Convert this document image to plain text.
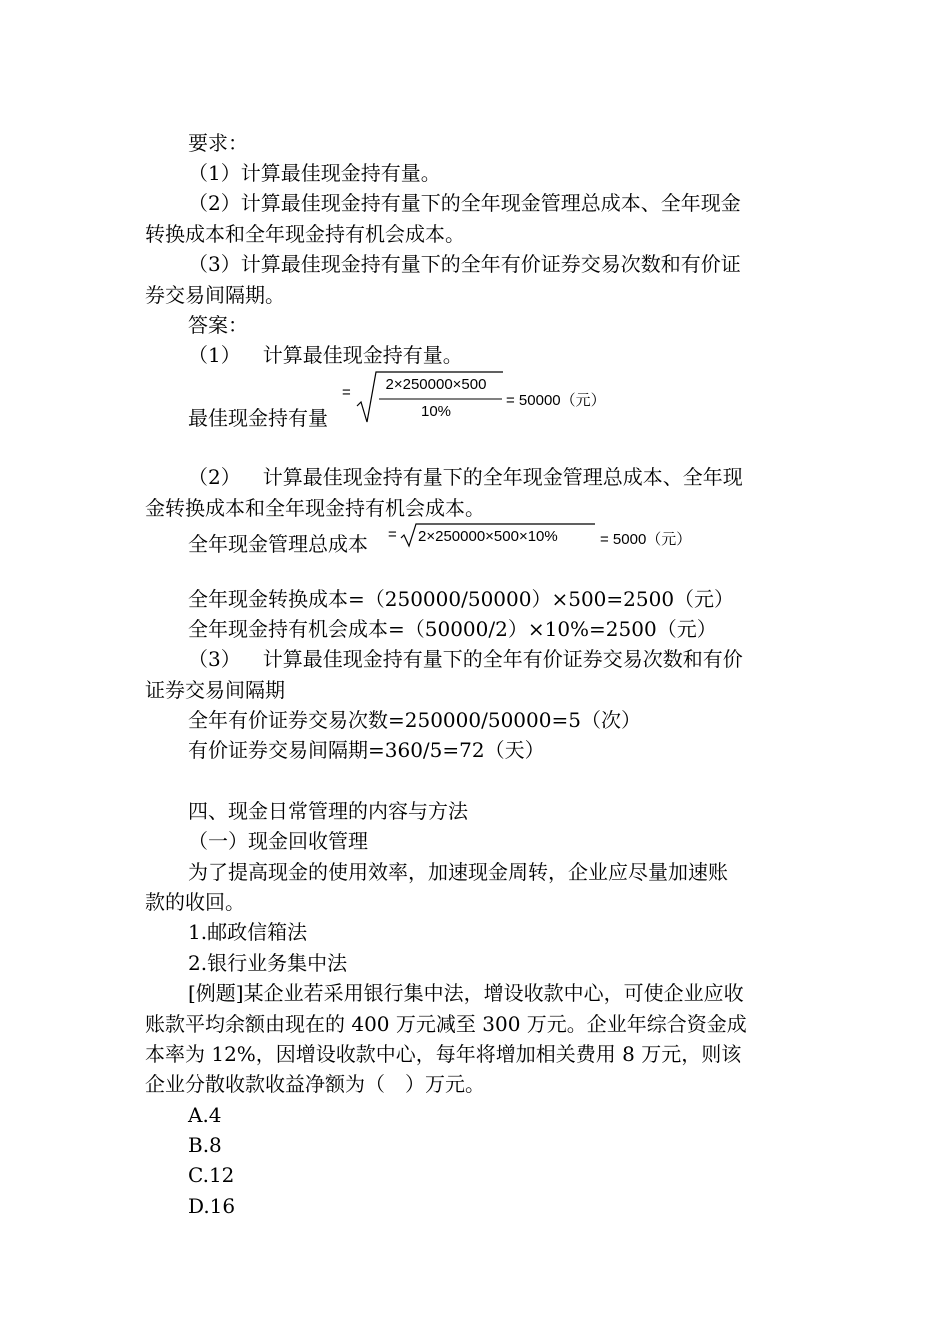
要求：
（1）计算最佳现金持有量。
（2）计算最佳现金持有量下的全年现金管理总成本、全年现金
转换成本和全年现金持有机会成本。
（3）计算最佳现金持有量下的全年有价证券交易次数和有价证
券交易间隔期。
答案：
（1） 计算最佳现金持有量。
最佳现金持有量
=	2×250000×500
10%
= 50000（元）
（2） 计算最佳现金持有量下的全年现金管理总成本、全年现
金转换成本和全年现金持有机会成本。
全年现金管理总成本	= 2×250000×500×10%	= 5000（元）
全年现金转换成本=（250000/50000）×500=2500（元）
全年现金持有机会成本=（50000/2）×10%=2500（元）
（3） 计算最佳现金持有量下的全年有价证券交易次数和有价
证券交易间隔期
全年有价证券交易次数=250000/50000=5（次）
有价证券交易间隔期=360/5=72（天）
四、现金日常管理的内容与方法
（一）现金回收管理
为了提高现金的使用效率，加速现金周转，企业应尽量加速账
款的收回。
1.邮政信箱法
2.银行业务集中法
[例题]某企业若采用银行集中法，增设收款中心，可使企业应收
账款平均余额由现在的 400 万元减至 300 万元。企业年综合资金成
本率为 12%，因增设收款中心，每年将增加相关费用 8 万元，则该
企业分散收款收益净额为（　）万元。
A.4
B.8
C.12
D.16
